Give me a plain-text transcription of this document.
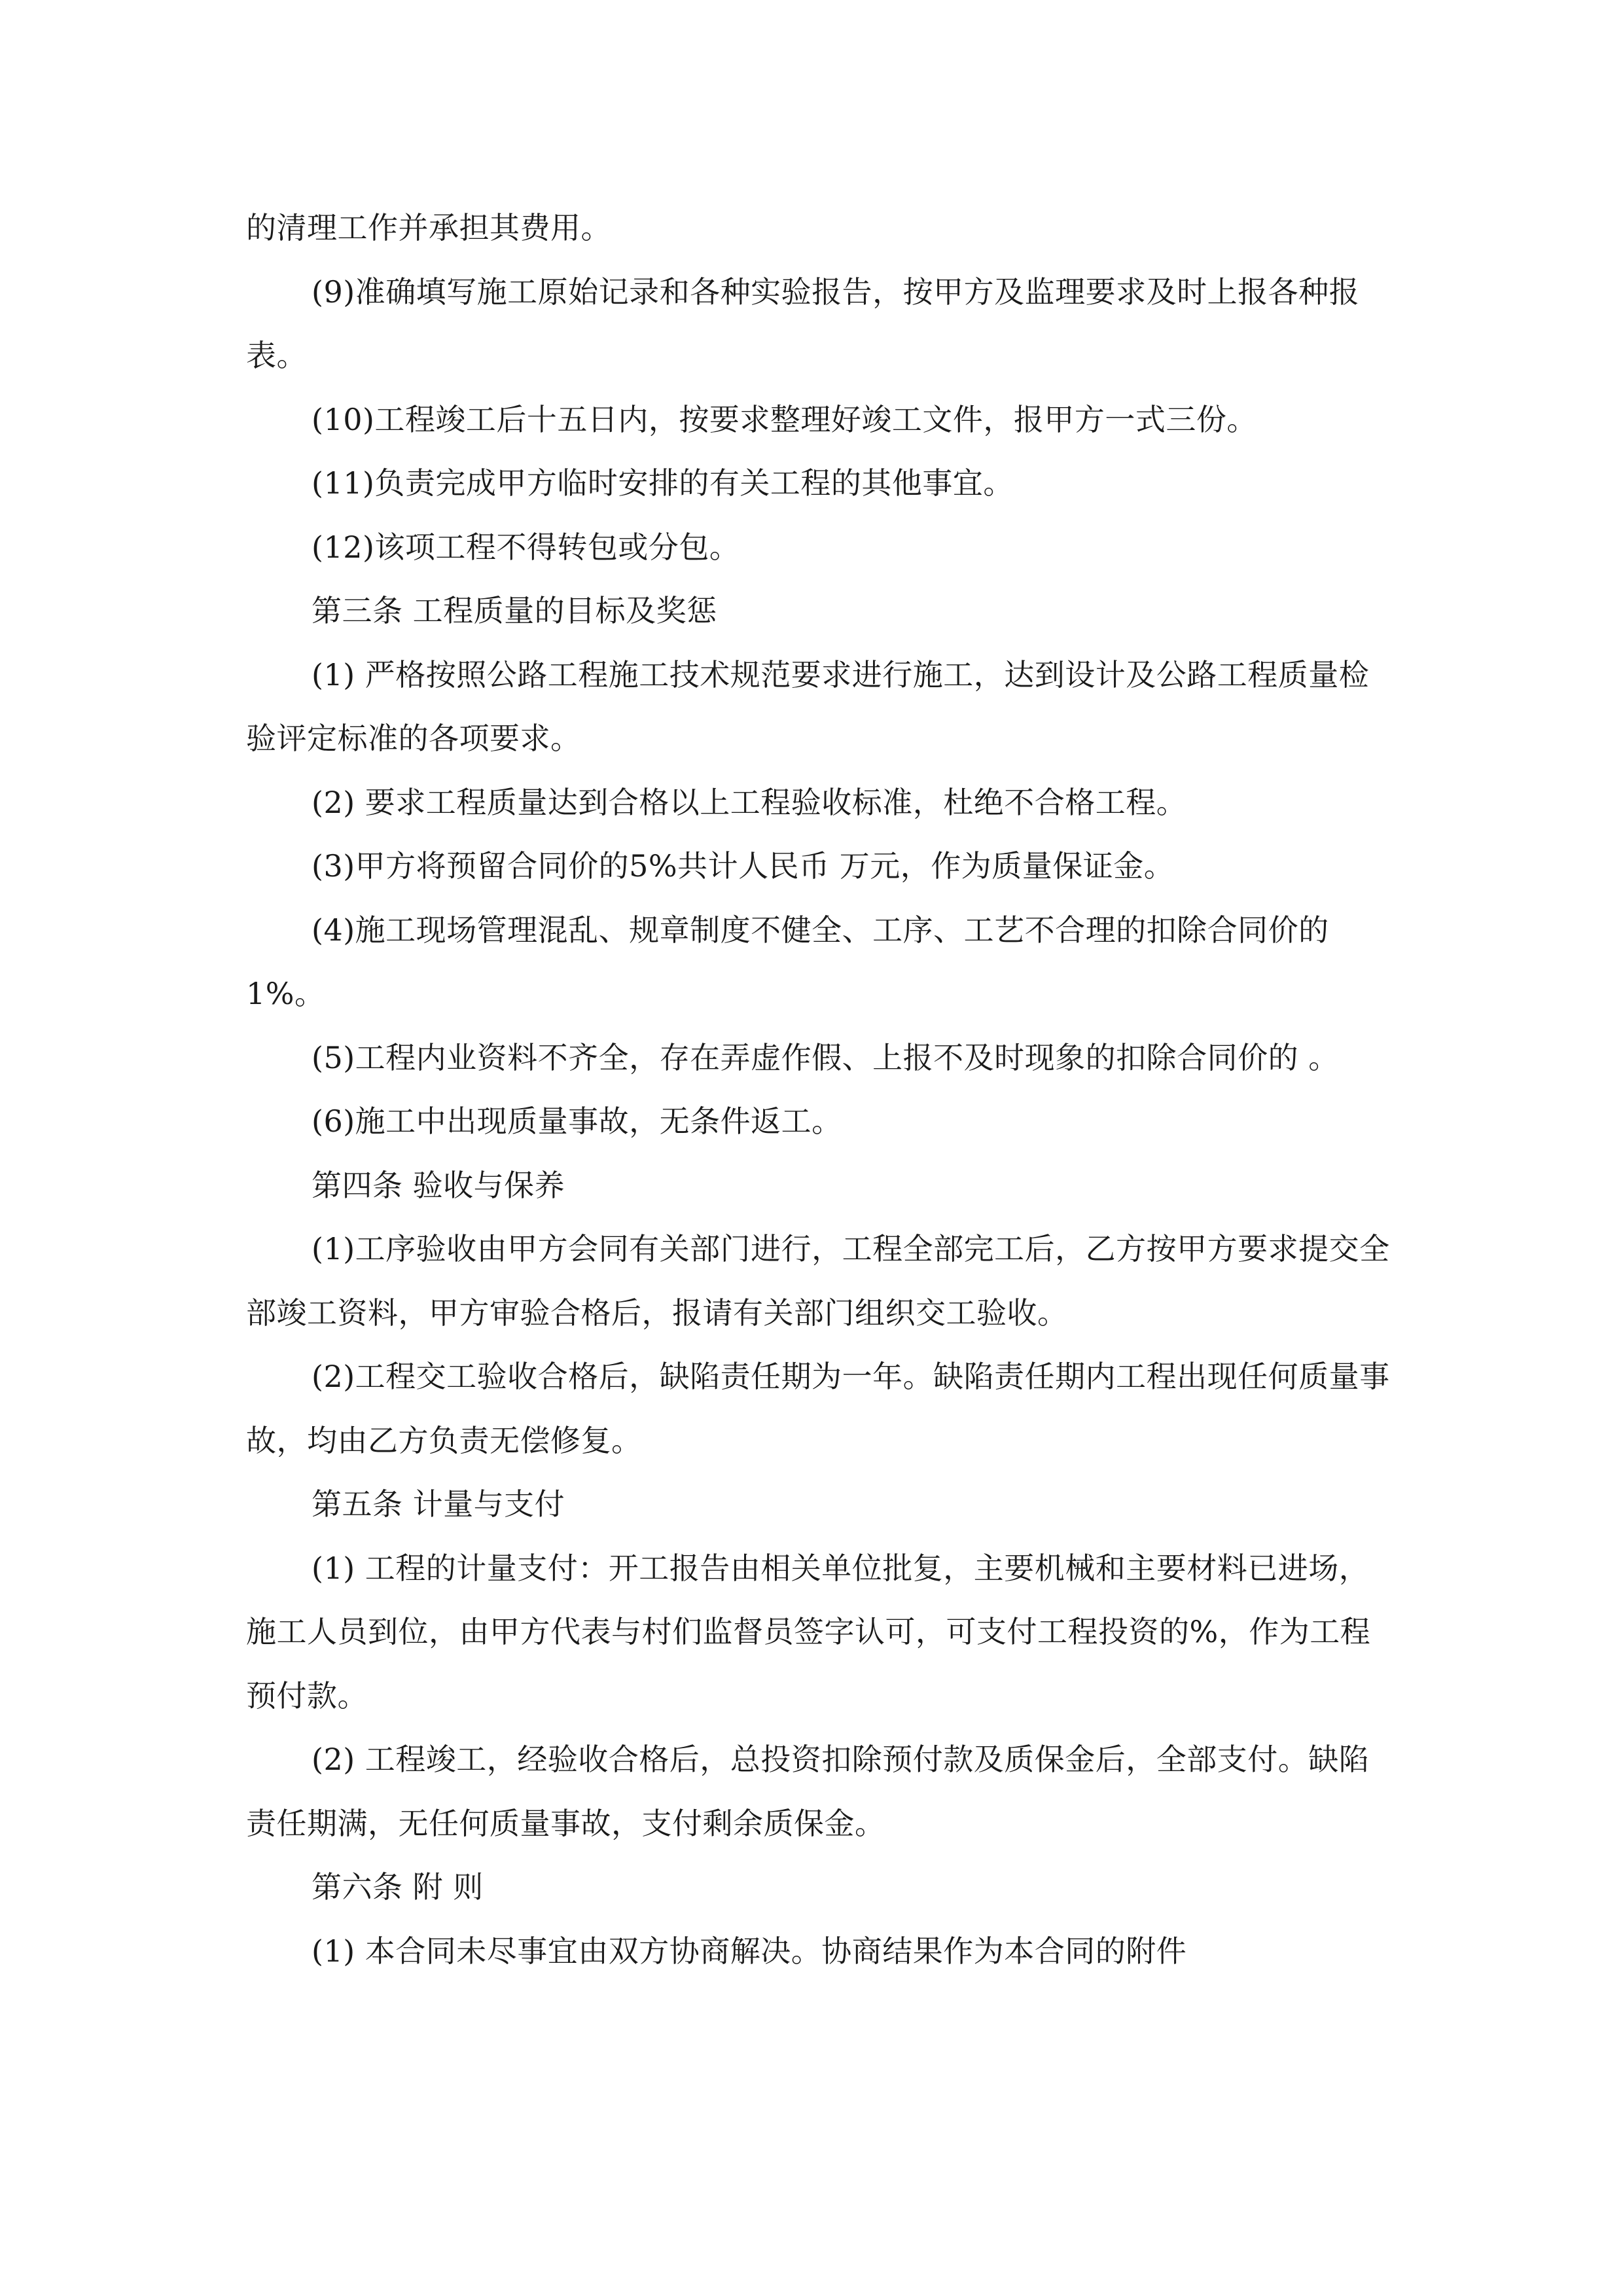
的清理工作并承担其费用。

(9)准确填写施工原始记录和各种实验报告，按甲方及监理要求及时上报各种报表。

(10)工程竣工后十五日内，按要求整理好竣工文件，报甲方一式三份。

(11)负责完成甲方临时安排的有关工程的其他事宜。

(12)该项工程不得转包或分包。

第三条 工程质量的目标及奖惩

(1) 严格按照公路工程施工技术规范要求进行施工，达到设计及公路工程质量检验评定标准的各项要求。

(2) 要求工程质量达到合格以上工程验收标准，杜绝不合格工程。

(3)甲方将预留合同价的5%共计人民币 万元，作为质量保证金。

(4)施工现场管理混乱、规章制度不健全、工序、工艺不合理的扣除合同价的1%。

(5)工程内业资料不齐全，存在弄虚作假、上报不及时现象的扣除合同价的 。

(6)施工中出现质量事故，无条件返工。

第四条 验收与保养

(1)工序验收由甲方会同有关部门进行，工程全部完工后，乙方按甲方要求提交全部竣工资料，甲方审验合格后，报请有关部门组织交工验收。

(2)工程交工验收合格后，缺陷责任期为一年。缺陷责任期内工程出现任何质量事故，均由乙方负责无偿修复。

第五条 计量与支付

(1) 工程的计量支付：开工报告由相关单位批复，主要机械和主要材料已进场，施工人员到位，由甲方代表与村们监督员签字认可，可支付工程投资的%，作为工程预付款。

(2) 工程竣工，经验收合格后，总投资扣除预付款及质保金后，全部支付。缺陷责任期满，无任何质量事故，支付剩余质保金。

第六条 附 则

(1) 本合同未尽事宜由双方协商解决。协商结果作为本合同的附件
